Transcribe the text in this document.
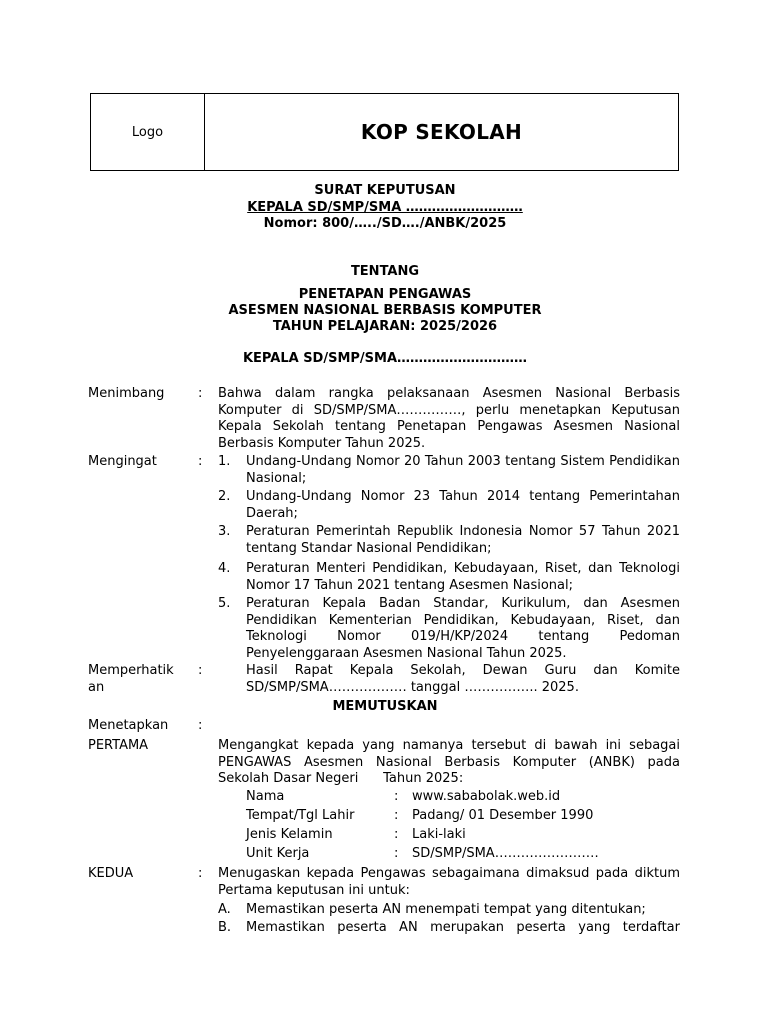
Logo	KOP SEKOLAH
SURAT KEPUTUSAN
KEPALA SD/SMP/SMA ………………………
Nomor: 800/…../SD…./ANBK/2025
TENTANG
PENETAPAN PENGAWAS
ASESMEN NASIONAL BERBASIS KOMPUTER
TAHUN PELAJARAN: 2025/2026
KEPALA SD/SMP/SMA…………………………
Menimbang	: Bahwa dalam rangka pelaksanaan Asesmen Nasional Berbasis Komputer di SD/SMP/SMA……………, perlu menetapkan Keputusan Kepala Sekolah tentang Penetapan Pengawas Asesmen Nasional Berbasis Komputer Tahun 2025.
Mengingat	: 1.	Undang-Undang Nomor 20 Tahun 2003 tentang Sistem Pendidikan Nasional;
2.	Undang-Undang Nomor 23 Tahun 2014 tentang Pemerintahan Daerah;
3.	Peraturan Pemerintah Republik Indonesia Nomor 57 Tahun 2021 tentang Standar Nasional Pendidikan;
4.	Peraturan Menteri Pendidikan, Kebudayaan, Riset, dan Teknologi Nomor 17 Tahun 2021 tentang Asesmen Nasional;
5.	Peraturan Kepala Badan Standar, Kurikulum, dan Asesmen Pendidikan Kementerian Pendidikan, Kebudayaan, Riset, dan Teknologi Nomor 019/H/KP/2024 tentang Pedoman Penyelenggaraan Asesmen Nasional Tahun 2025.
Memperhatik
an
:	Hasil Rapat Kepala Sekolah, Dewan Guru dan Komite SD/SMP/SMA……………… tanggal …………….. 2025.
MEMUTUSKAN
Menetapkan	:
PERTAMA	Mengangkat kepada yang namanya tersebut di bawah ini sebagai PENGAWAS Asesmen Nasional Berbasis Komputer (ANBK) pada Sekolah Dasar Negeri      Tahun 2025:
Nama	: www.sababolak.web.id
Tempat/Tgl Lahir	: Padang/ 01 Desember 1990
Jenis Kelamin	: Laki-laki
Unit Kerja	: SD/SMP/SMA……………………
KEDUA	: Menugaskan kepada Pengawas sebagaimana dimaksud pada diktum Pertama keputusan ini untuk:
A.	Memastikan peserta AN menempati tempat yang ditentukan;
B.	Memastikan peserta AN merupakan peserta yang terdaftar
